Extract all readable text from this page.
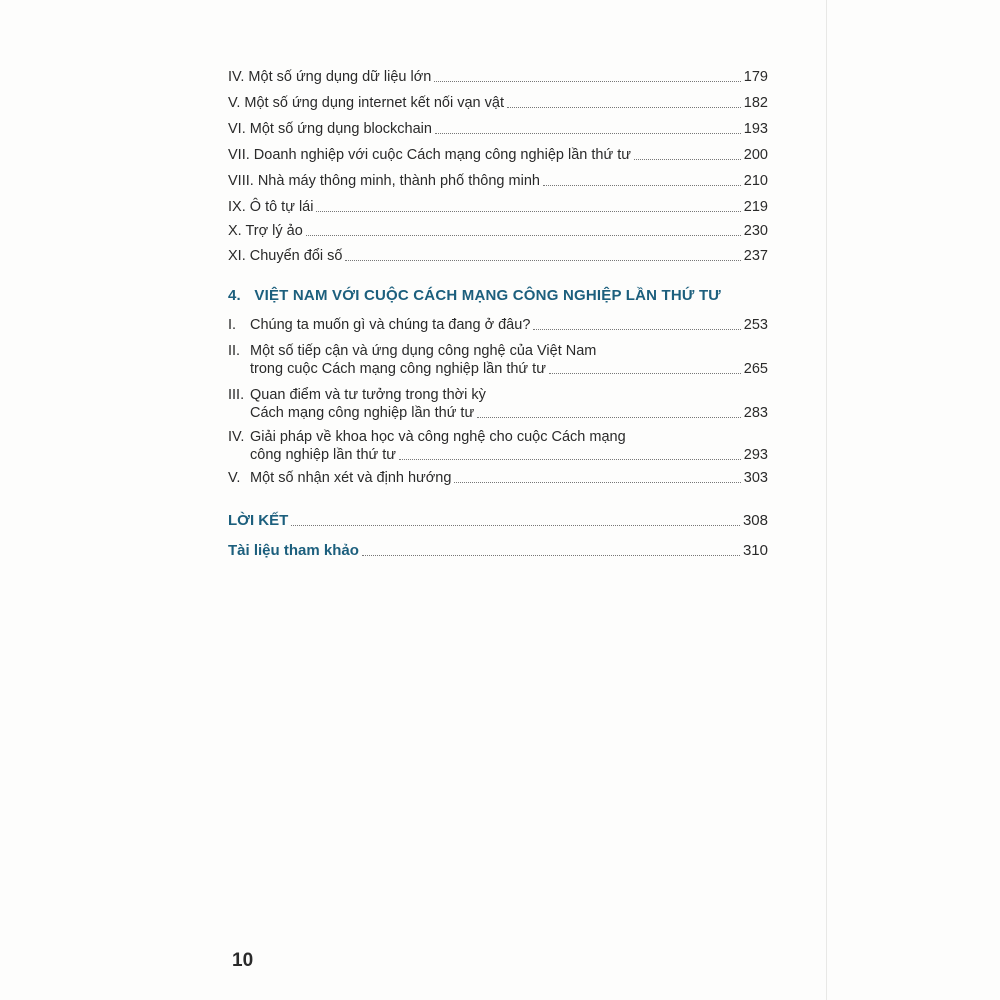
IV. Một số ứng dụng dữ liệu lớn	179
V. Một số ứng dụng internet kết nối vạn vật	182
VI. Một số ứng dụng blockchain	193
VII. Doanh nghiệp với cuộc Cách mạng công nghiệp lần thứ tư	200
VIII. Nhà máy thông minh, thành phố thông minh	210
IX. Ô tô tự lái	219
X. Trợ lý ảo	230
XI. Chuyển đổi số	237
4. VIỆT NAM VỚI CUỘC CÁCH MẠNG CÔNG NGHIỆP LẦN THỨ TƯ
I. Chúng ta muốn gì và chúng ta đang ở đâu?	253
II. Một số tiếp cận và ứng dụng công nghệ của Việt Nam
trong cuộc Cách mạng công nghiệp lần thứ tư	265
III. Quan điểm và tư tưởng trong thời kỳ
Cách mạng công nghiệp lần thứ tư	283
IV. Giải pháp về khoa học và công nghệ cho cuộc Cách mạng
công nghiệp lần thứ tư	293
V. Một số nhận xét và định hướng	303
LỜI KẾT	308
Tài liệu tham khảo	310
10
